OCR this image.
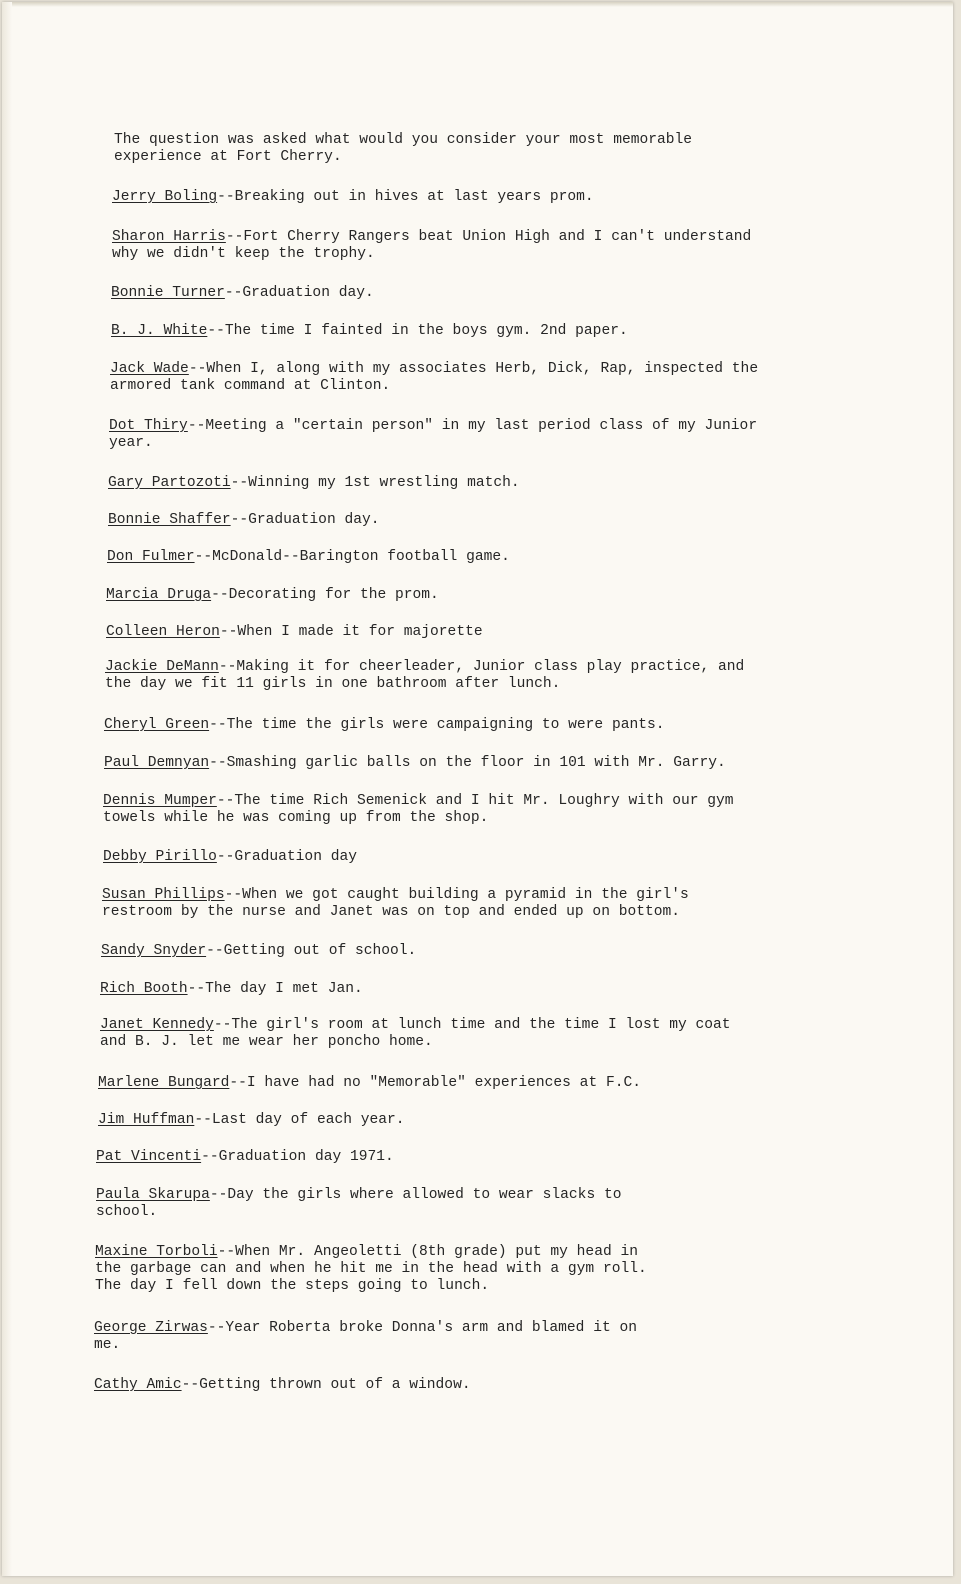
The question was asked what would you consider your most memorable
experience at Fort Cherry.

Jerry Boling--Breaking out in hives at last years prom.

Sharon Harris--Fort Cherry Rangers beat Union High and I can't understand
why we didn't keep the trophy.

Bonnie Turner--Graduation day.

B. J. White--The time I fainted in the boys gym. 2nd paper.

Jack Wade--When I, along with my associates Herb, Dick, Rap, inspected the
armored tank command at Clinton.

Dot Thiry--Meeting a "certain person" in my last period class of my Junior
year.

Gary Partozoti--Winning my 1st wrestling match.

Bonnie Shaffer--Graduation day.

Don Fulmer--McDonald--Barington football game.

Marcia Druga--Decorating for the prom.

Colleen Heron--When I made it for majorette

Jackie DeMann--Making it for cheerleader, Junior class play practice, and
the day we fit 11 girls in one bathroom after lunch.

Cheryl Green--The time the girls were campaigning to were pants.

Paul Demnyan--Smashing garlic balls on the floor in 101 with Mr. Garry.

Dennis Mumper--The time Rich Semenick and I hit Mr. Loughry with our gym
towels while he was coming up from the shop.

Debby Pirillo--Graduation day

Susan Phillips--When we got caught building a pyramid in the girl's
restroom by the nurse and Janet was on top and ended up on bottom.

Sandy Snyder--Getting out of school.

Rich Booth--The day I met Jan.

Janet Kennedy--The girl's room at lunch time and the time I lost my coat
and B. J. let me wear her poncho home.

Marlene Bungard--I have had no "Memorable" experiences at F.C.

Jim Huffman--Last day of each year.

Pat Vincenti--Graduation day 1971.

Paula Skarupa--Day the girls where allowed to wear slacks to
school.

Maxine Torboli--When Mr. Angeoletti (8th grade) put my head in
the garbage can and when he hit me in the head with a gym roll.
The day I fell down the steps going to lunch.

George Zirwas--Year Roberta broke Donna's arm and blamed it on
me.

Cathy Amic--Getting thrown out of a window.
